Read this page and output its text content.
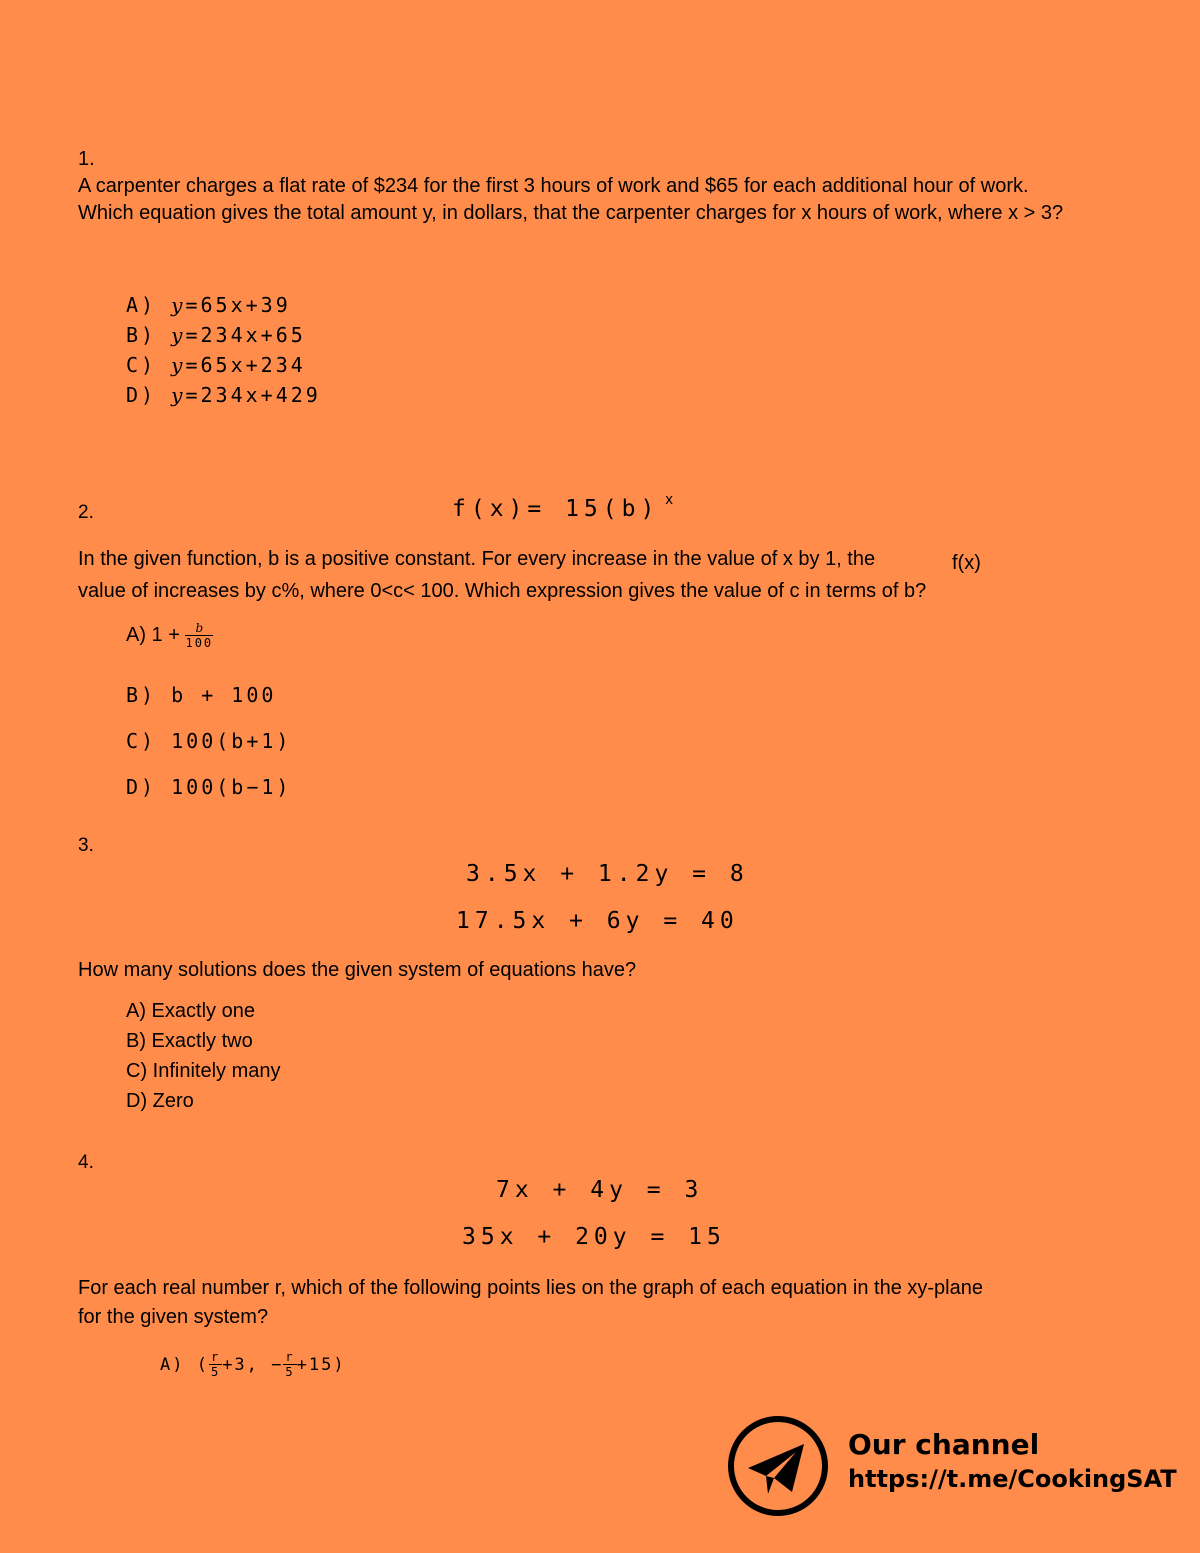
1.
A carpenter charges a flat rate of $234 for the first 3 hours of work and $65 for each additional hour of work. Which equation gives the total amount y, in dollars, that the carpenter charges for x hours of work, where x > 3?
A) y=65x+39
B) y=234x+65
C) y=65x+234
D) y=234x+429
2.	f(x)= 15(b) $^x$
In the given function, b is a positive constant. For every increase in the value of x by 1, the	f(x)
value of increases by c%, where 0<c< 100. Which expression gives the value of c in terms of b?
A) $1 + \frac{b}{100}$
B) b + 100
C) 100(b+1)
D) 100(b−1)
3.
3.5x + 1.2y = 8
17.5x + 6y = 40
How many solutions does the given system of equations have?
A) Exactly one
B) Exactly two
C) Infinitely many
D) Zero
4.
7x + 4y = 3
35x + 20y = 15
For each real number r, which of the following points lies on the graph of each equation in the xy-plane
for the given system?
A) ( $\frac{r}{5} +3$, − $\frac{r}{5} +15$)
Our channel
https://t.me/CookingSAT
